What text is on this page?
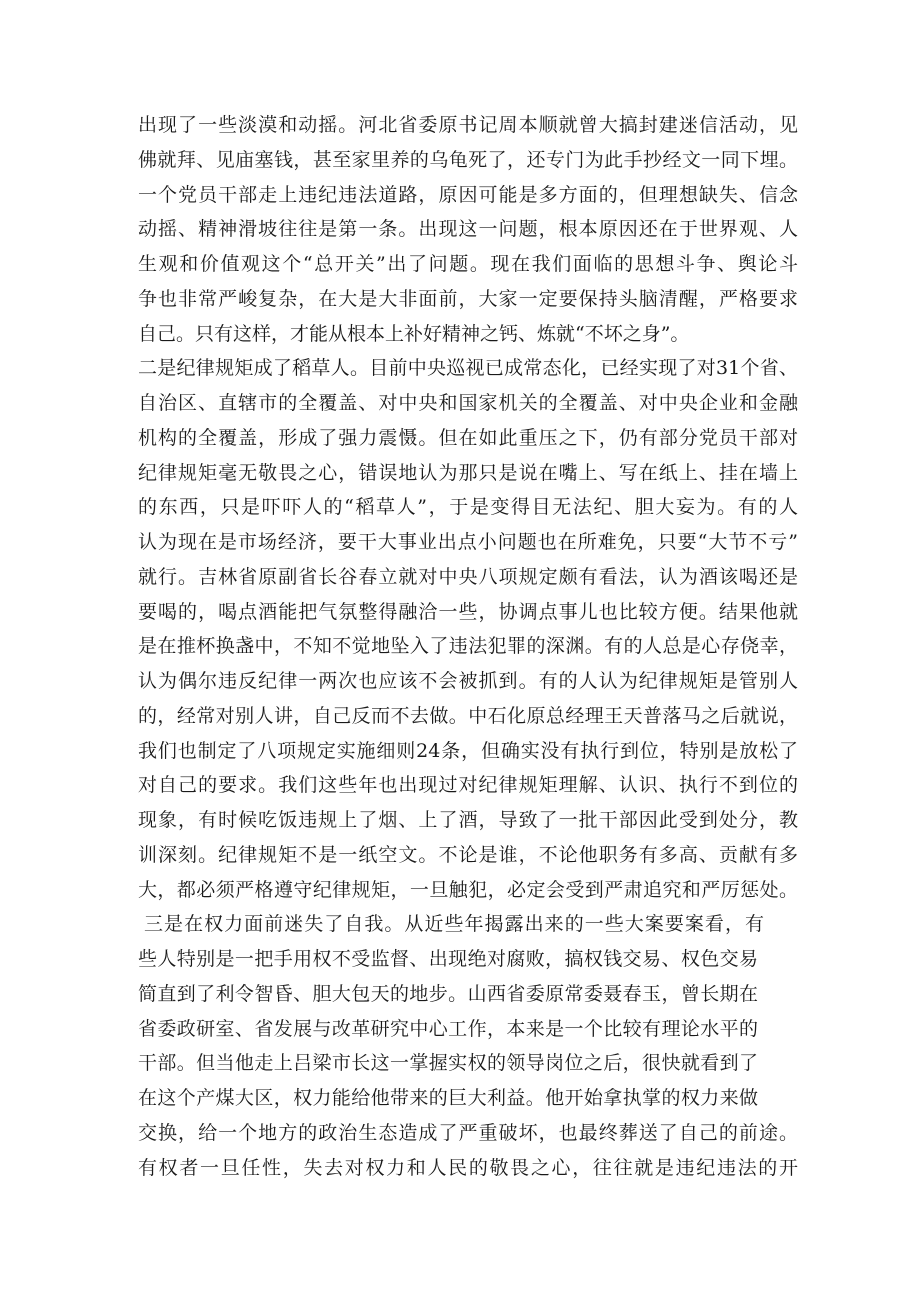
出现了一些淡漠和动摇。河北省委原书记周本顺就曾大搞封建迷信活动，见
佛就拜、见庙塞钱，甚至家里养的乌龟死了，还专门为此手抄经文一同下埋。
一个党员干部走上违纪违法道路，原因可能是多方面的，但理想缺失、信念
动摇、精神滑坡往往是第一条。出现这一问题，根本原因还在于世界观、人
生观和价值观这个“总开关”出了问题。现在我们面临的思想斗争、舆论斗
争也非常严峻复杂，在大是大非面前，大家一定要保持头脑清醒，严格要求
自己。只有这样，才能从根本上补好精神之钙、炼就“不坏之身”。
二是纪律规矩成了稻草人。目前中央巡视已成常态化，已经实现了对31个省、
自治区、直辖市的全覆盖、对中央和国家机关的全覆盖、对中央企业和金融
机构的全覆盖，形成了强力震慑。但在如此重压之下，仍有部分党员干部对
纪律规矩毫无敬畏之心，错误地认为那只是说在嘴上、写在纸上、挂在墙上
的东西，只是吓吓人的“稻草人”，于是变得目无法纪、胆大妄为。有的人
认为现在是市场经济，要干大事业出点小问题也在所难免，只要“大节不亏”
就行。吉林省原副省长谷春立就对中央八项规定颇有看法，认为酒该喝还是
要喝的，喝点酒能把气氛整得融洽一些，协调点事儿也比较方便。结果他就
是在推杯换盏中，不知不觉地坠入了违法犯罪的深渊。有的人总是心存侥幸，
认为偶尔违反纪律一两次也应该不会被抓到。有的人认为纪律规矩是管别人
的，经常对别人讲，自己反而不去做。中石化原总经理王天普落马之后就说，
我们也制定了八项规定实施细则24条，但确实没有执行到位，特别是放松了
对自己的要求。我们这些年也出现过对纪律规矩理解、认识、执行不到位的
现象，有时候吃饭违规上了烟、上了酒，导致了一批干部因此受到处分，教
训深刻。纪律规矩不是一纸空文。不论是谁，不论他职务有多高、贡献有多
大，都必须严格遵守纪律规矩，一旦触犯，必定会受到严肃追究和严厉惩处。
三是在权力面前迷失了自我。从近些年揭露出来的一些大案要案看，有
些人特别是一把手用权不受监督、出现绝对腐败，搞权钱交易、权色交易
简直到了利令智昏、胆大包天的地步。山西省委原常委聂春玉，曾长期在
省委政研室、省发展与改革研究中心工作，本来是一个比较有理论水平的
干部。但当他走上吕梁市长这一掌握实权的领导岗位之后，很快就看到了
在这个产煤大区，权力能给他带来的巨大利益。他开始拿执掌的权力来做
交换，给一个地方的政治生态造成了严重破坏，也最终葬送了自己的前途。
有权者一旦任性，失去对权力和人民的敬畏之心，往往就是违纪违法的开
